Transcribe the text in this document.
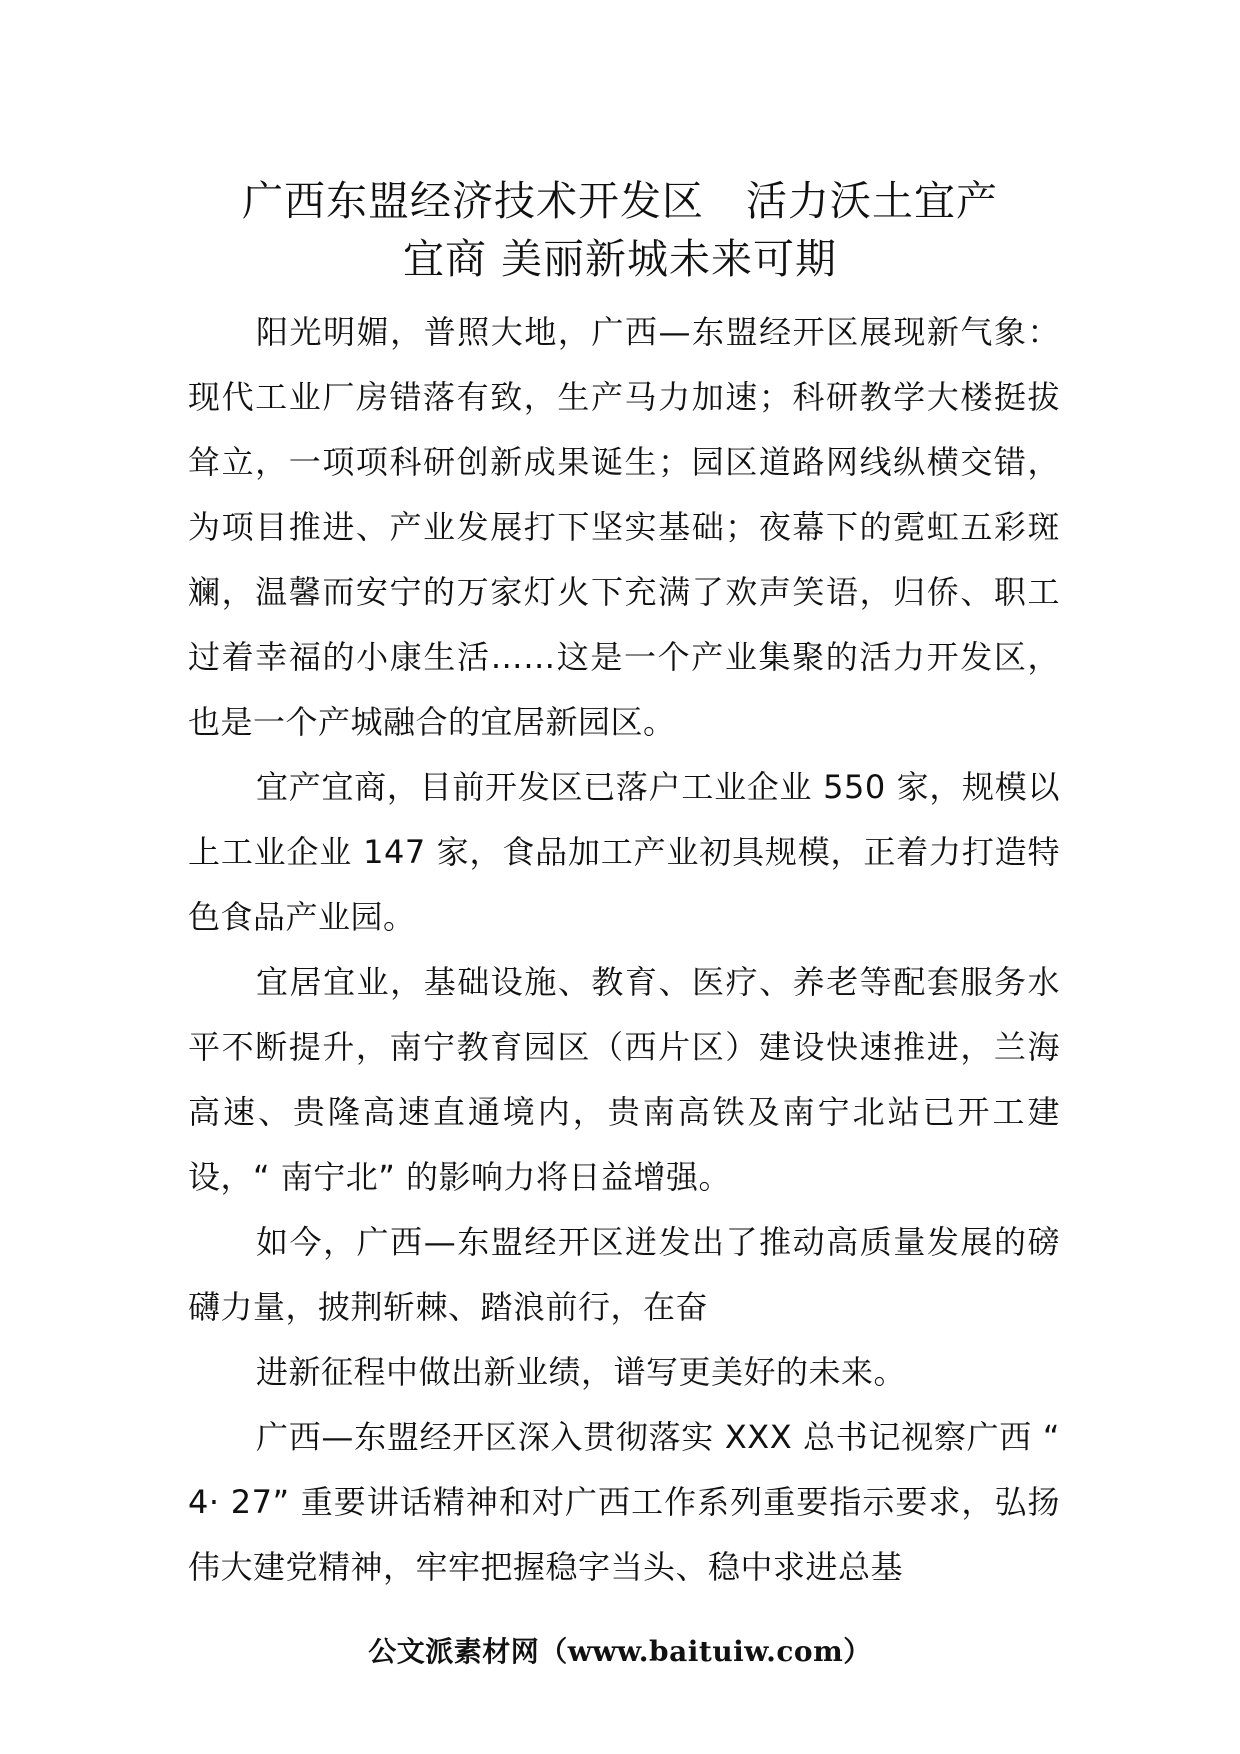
广西东盟经济技术开发区　活力沃土宜产
宜商 美丽新城未来可期

阳光明媚，普照大地，广西—东盟经开区展现新气象：现代工业厂房错落有致，生产马力加速；科研教学大楼挺拔耸立，一项项科研创新成果诞生；园区道路网线纵横交错，为项目推进、产业发展打下坚实基础；夜幕下的霓虹五彩斑斓，温馨而安宁的万家灯火下充满了欢声笑语，归侨、职工过着幸福的小康生活……这是一个产业集聚的活力开发区，也是一个产城融合的宜居新园区。

宜产宜商，目前开发区已落户工业企业 550 家，规模以上工业企业 147 家，食品加工产业初具规模，正着力打造特色食品产业园。

宜居宜业，基础设施、教育、医疗、养老等配套服务水平不断提升，南宁教育园区（西片区）建设快速推进，兰海高速、贵隆高速直通境内，贵南高铁及南宁北站已开工建设，“ 南宁北” 的影响力将日益增强。

如今，广西—东盟经开区迸发出了推动高质量发展的磅礴力量，披荆斩棘、踏浪前行，在奋

进新征程中做出新业绩，谱写更美好的未来。

广西—东盟经开区深入贯彻落实 XXX 总书记视察广西 “ 4· 27” 重要讲话精神和对广西工作系列重要指示要求，弘扬伟大建党精神，牢牢把握稳字当头、稳中求进总基

公文派素材网（www.baituiw.com）
